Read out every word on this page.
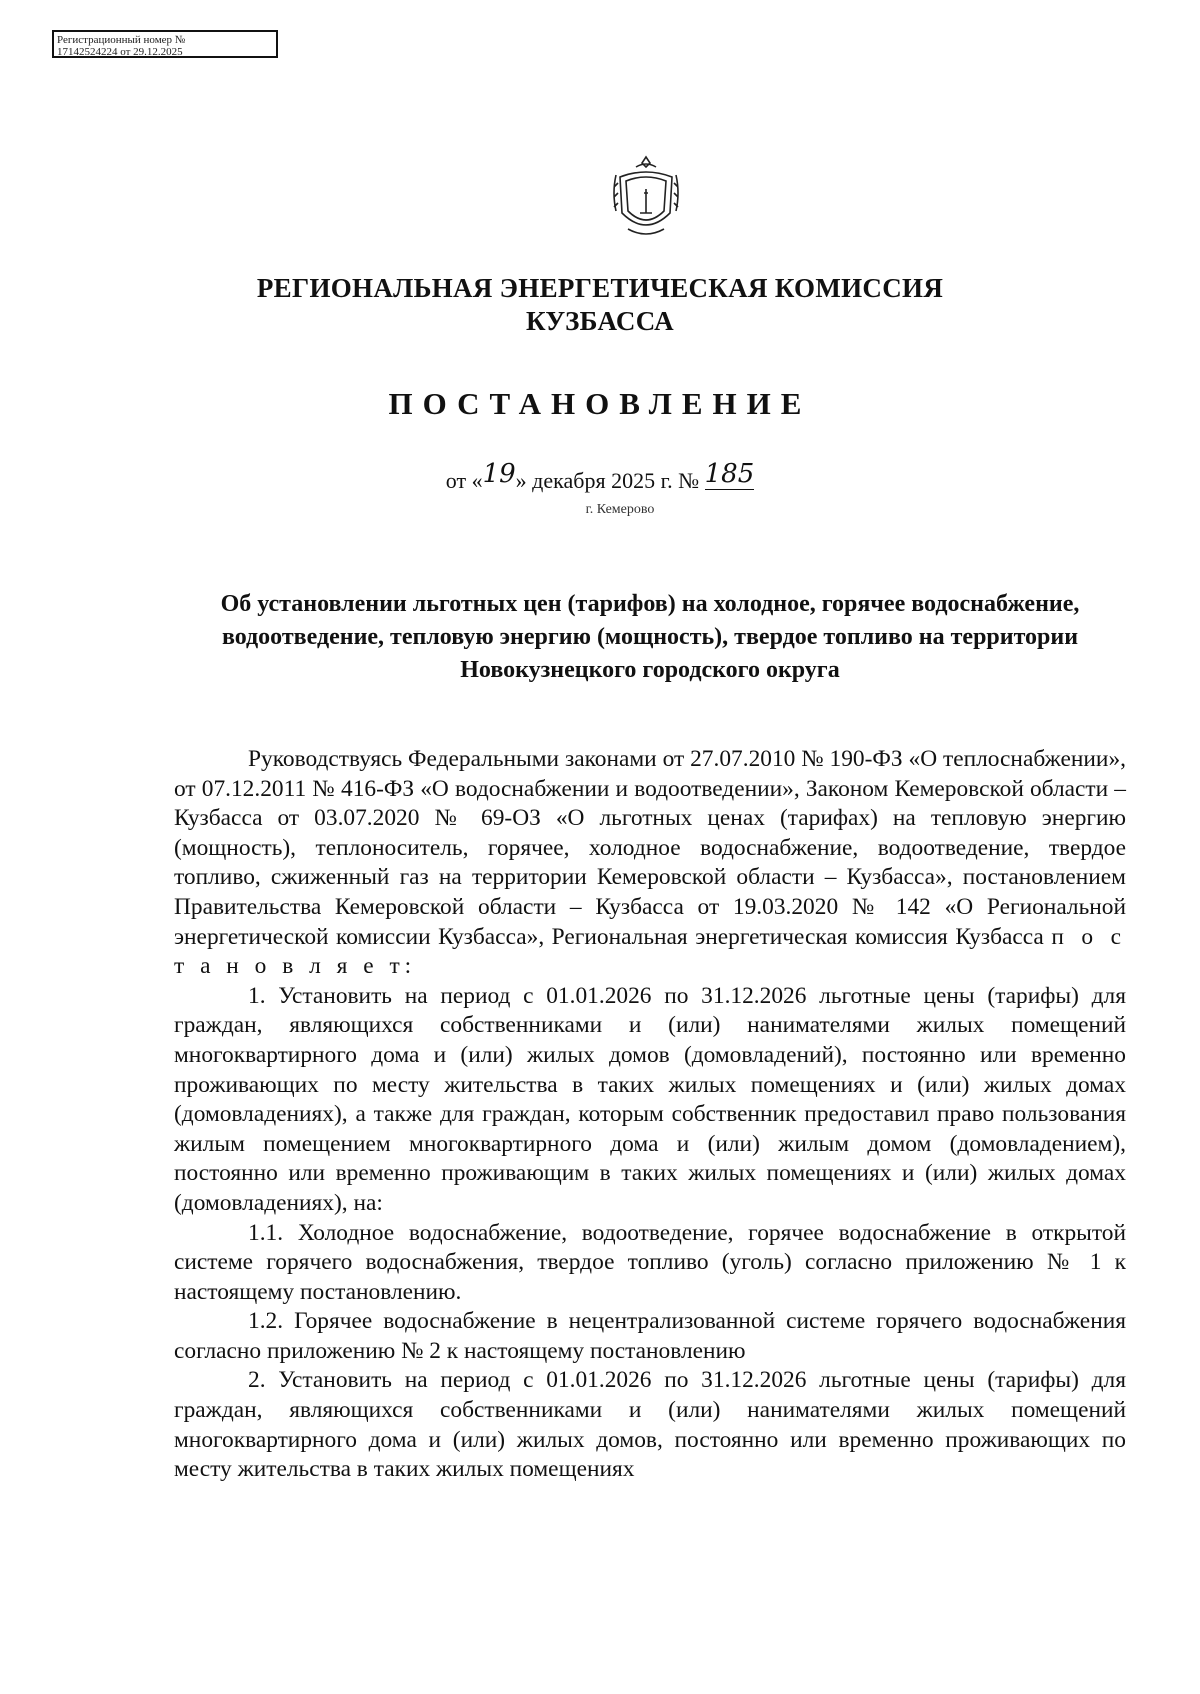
Регистрационный номер №
17142524224 от 29.12.2025
РЕГИОНАЛЬНАЯ ЭНЕРГЕТИЧЕСКАЯ КОМИССИЯ
КУЗБАССА
ПОСТАНОВЛЕНИЕ
от «19» декабря 2025 г. № 185
г. Кемерово
Об установлении льготных цен (тарифов) на холодное, горячее водоснабжение, водоотведение, тепловую энергию (мощность), твердое топливо на территории Новокузнецкого городского округа

Руководствуясь Федеральными законами от 27.07.2010 № 190-ФЗ «О теплоснабжении», от 07.12.2011 № 416-ФЗ «О водоснабжении и водоотведении», Законом Кемеровской области – Кузбасса от 03.07.2020 № 69-ОЗ «О льготных ценах (тарифах) на тепловую энергию (мощность), теплоноситель, горячее, холодное водоснабжение, водоотведение, твердое топливо, сжиженный газ на территории Кемеровской области – Кузбасса», постановлением Правительства Кемеровской области – Кузбасса от 19.03.2020 № 142 «О Региональной энергетической комиссии Кузбасса», Региональная энергетическая комиссия Кузбасса п о с т а н о в л я е т:

1. Установить на период с 01.01.2026 по 31.12.2026 льготные цены (тарифы) для граждан, являющихся собственниками и (или) нанимателями жилых помещений многоквартирного дома и (или) жилых домов (домовладений), постоянно или временно проживающих по месту жительства в таких жилых помещениях и (или) жилых домах (домовладениях), а также для граждан, которым собственник предоставил право пользования жилым помещением многоквартирного дома и (или) жилым домом (домовладением), постоянно или временно проживающим в таких жилых помещениях и (или) жилых домах (домовладениях), на:

1.1. Холодное водоснабжение, водоотведение, горячее водоснабжение в открытой системе горячего водоснабжения, твердое топливо (уголь) согласно приложению № 1 к настоящему постановлению.

1.2. Горячее водоснабжение в нецентрализованной системе горячего водоснабжения согласно приложению № 2 к настоящему постановлению

2. Установить на период с 01.01.2026 по 31.12.2026 льготные цены (тарифы) для граждан, являющихся собственниками и (или) нанимателями жилых помещений многоквартирного дома и (или) жилых домов, постоянно или временно проживающих по месту жительства в таких жилых помещениях
